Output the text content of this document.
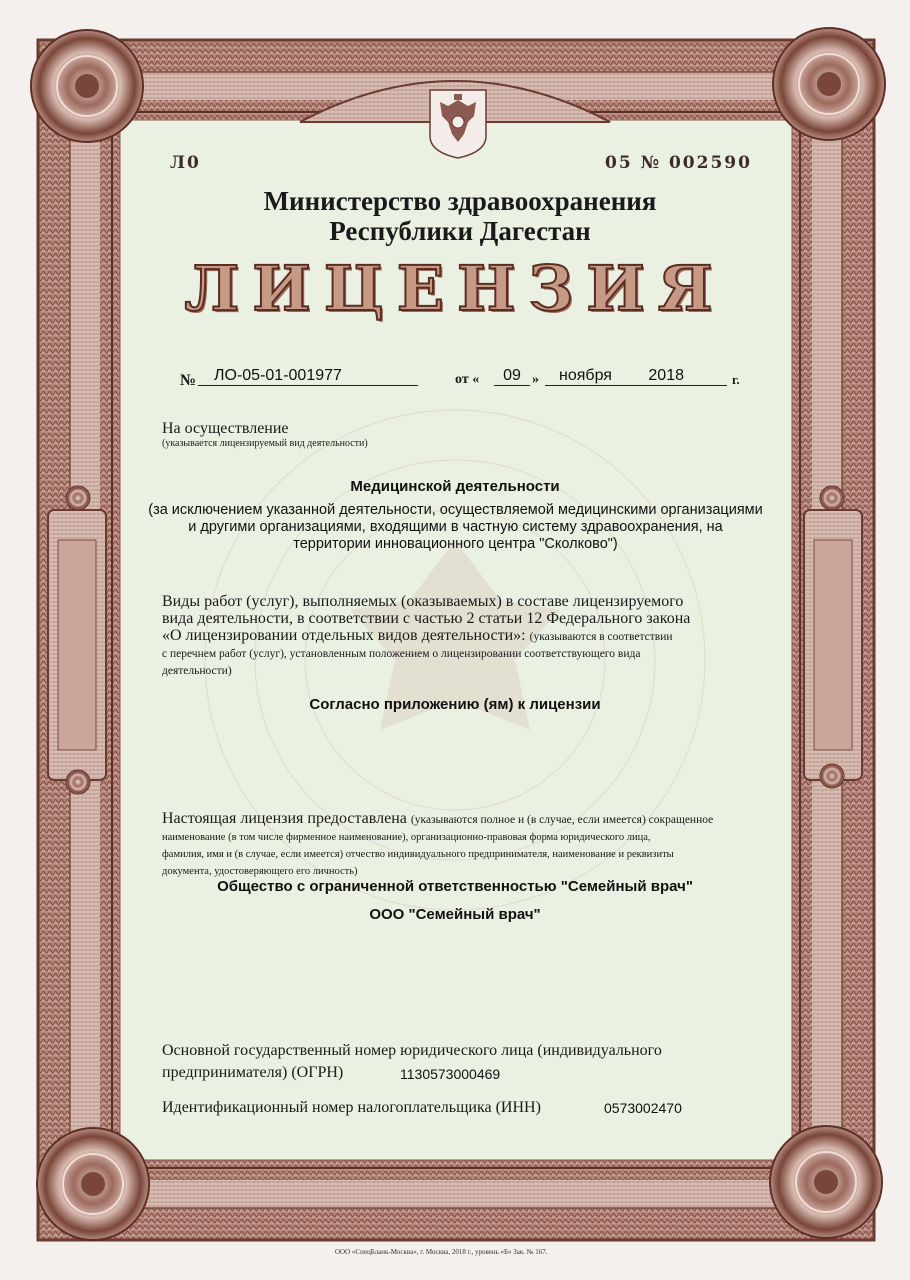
Л0	05 № 002590
Министерство здравоохранения
Республики Дагестан
ЛИЦЕНЗИЯ
№	ЛО-05-01-001977	от «	09 »	ноября 2018	г.
На осуществление
(указывается лицензируемый вид деятельности)
Медицинской деятельности
(за исключением указанной деятельности, осуществляемой медицинскими организациями
и другими организациями, входящими в частную систему здравоохранения, на
территории инновационного центра "Сколково")
Виды работ (услуг), выполняемых (оказываемых) в составе лицензируемого
вида деятельности, в соответствии с частью 2 статьи 12 Федерального закона
«О лицензировании отдельных видов деятельности»: (указываются в соответствии
с перечнем работ (услуг), установленным положением о лицензировании соответствующего вида
деятельности)
Согласно приложению (ям) к лицензии
Настоящая лицензия предоставлена (указываются полное и (в случае, если имеется) сокращенное
наименование (в том числе фирменное наименование), организационно-правовая форма юридического лица,
фамилия, имя и (в случае, если имеется) отчество индивидуального предпринимателя, наименование и реквизиты
документа, удостоверяющего его личность)
Общество с ограниченной ответственностью "Семейный врач"
ООО "Семейный врач"
Основной государственный номер юридического лица (индивидуального
предпринимателя) (ОГРН)	1130573000469
Идентификационный номер налогоплательщика (ИНН)	0573002470
ООО «СпецБланк-Москва», г. Москва, 2018 г., уровень «Б» Зак. № 167.
